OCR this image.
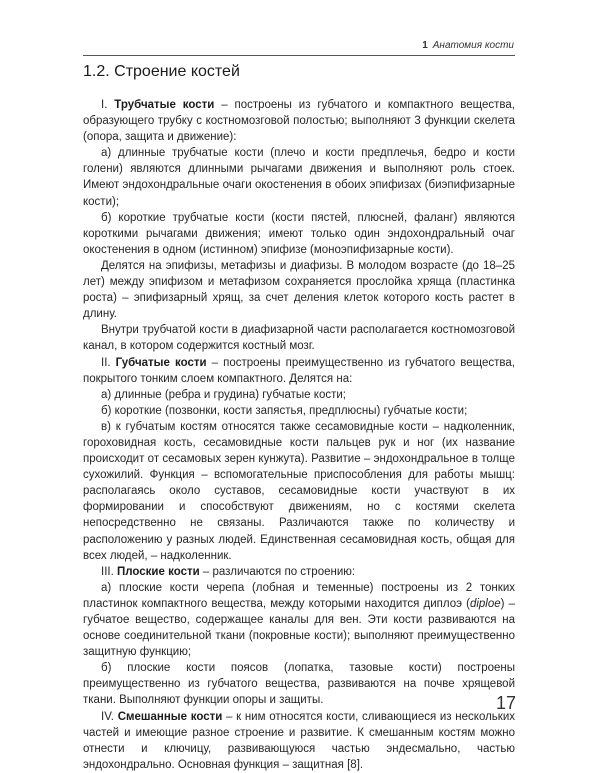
1 Анатомия кости
1.2. Строение костей

I. Трубчатые кости – построены из губчатого и компактного вещества, образующего трубку с костномозговой полостью; выполняют 3 функции скелета (опора, защита и движение):

а) длинные трубчатые кости (плечо и кости предплечья, бедро и кости голени) являются длинными рычагами движения и выполняют роль стоек. Имеют эндохондральные очаги окостенения в обоих эпифизах (биэпифизарные кости);

б) короткие трубчатые кости (кости пястей, плюсней, фаланг) являются короткими рычагами движения; имеют только один эндохондральный очаг окостенения в одном (истинном) эпифизе (моноэпифизарные кости).

Делятся на эпифизы, метафизы и диафизы. В молодом возрасте (до 18–25 лет) между эпифизом и метафизом сохраняется прослойка хряща (пластинка роста) – эпифизарный хрящ, за счет деления клеток которого кость растет в длину.

Внутри трубчатой кости в диафизарной части располагается костномозговой канал, в котором содержится костный мозг.

II. Губчатые кости – построены преимущественно из губчатого вещества, покрытого тонким слоем компактного. Делятся на:

а) длинные (ребра и грудина) губчатые кости;

б) короткие (позвонки, кости запястья, предплюсны) губчатые кости;

в) к губчатым костям относятся также сесамовидные кости – надколенник, гороховидная кость, сесамовидные кости пальцев рук и ног (их название происходит от сесамовых зерен кунжута). Развитие – эндохондральное в толще сухожилий. Функция – вспомогательные приспособления для работы мышц: располагаясь около суставов, сесамовидные кости участвуют в их формировании и способствуют движениям, но с костями скелета непосредственно не связаны. Различаются также по количеству и расположению у разных людей. Единственная сесамовидная кость, общая для всех людей, – надколенник.

III. Плоские кости – различаются по строению:

а) плоские кости черепа (лобная и теменные) построены из 2 тонких пластинок компактного вещества, между которыми находится диплоэ (diploe) – губчатое вещество, содержащее каналы для вен. Эти кости развиваются на основе соединительной ткани (покровные кости); выполняют преимущественно защитную функцию;

б) плоские кости поясов (лопатка, тазовые кости) построены преимущественно из губчатого вещества, развиваются на почве хрящевой ткани. Выполняют функции опоры и защиты.

IV. Смешанные кости – к ним относятся кости, сливающиеся из нескольких частей и имеющие разное строение и развитие. К смешанным костям можно отнести и ключицу, развивающуюся частью эндесмально, частью эндохондрально. Основная функция – защитная [8].

17
